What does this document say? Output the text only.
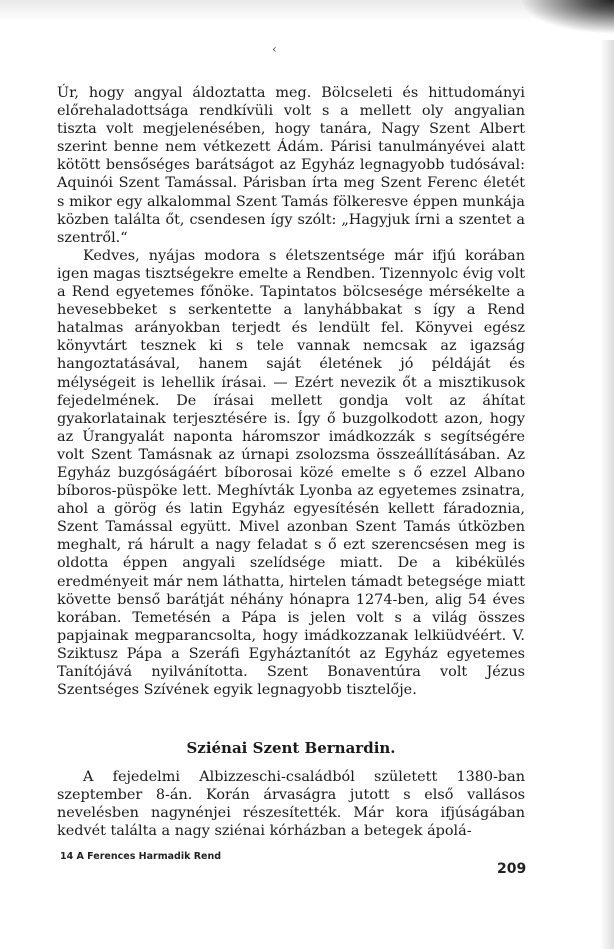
‹

Úr, hogy angyal áldoztatta meg. Bölcseleti és hittudományi előrehaladottsága rendkívüli volt s a mellett oly angyalian tiszta volt megjelenésében, hogy tanára, Nagy Szent Albert szerint benne nem vétkezett Ádám. Párisi tanulmányévei alatt kötött bensőséges barátságot az Egyház legnagyobb tudósával: Aquinói Szent Tamással. Párisban írta meg Szent Ferenc életét s mikor egy alkalommal Szent Tamás fölkeresve éppen munkája közben találta őt, csendesen így szólt: „Hagyjuk írni a szentet a szentről.“

Kedves, nyájas modora s életszentsége már ifjú korában igen magas tisztségekre emelte a Rendben. Tizennyolc évig volt a Rend egyetemes főnöke. Tapintatos bölcsesége mérsékelte a hevesebbeket s serkentette a lanyhábbakat s így a Rend hatalmas arányokban terjedt és lendült fel. Könyvei egész könyvtárt tesznek ki s tele vannak nemcsak az igazság hangoztatásával, hanem saját életének jó példáját és mélységeit is lehellik írásai. — Ezért nevezik őt a misztikusok fejedelmének. De írásai mellett gondja volt az áhítat gyakorlatainak terjesztésére is. Így ő buzgolkodott azon, hogy az Úrangyalát naponta háromszor imádkozzák s segítségére volt Szent Tamásnak az úrnapi zsolozsma összeállításában. Az Egyház buzgóságáért bíborosai közé emelte s ő ezzel Albano bíboros-püspöke lett. Meghívták Lyonba az egyetemes zsinatra, ahol a görög és latin Egyház egyesítésén kellett fáradoznia, Szent Tamással együtt. Mivel azonban Szent Tamás útközben meghalt, rá hárult a nagy feladat s ő ezt szerencsésen meg is oldotta éppen angyali szelídsége miatt. De a kibékülés eredményeit már nem láthatta, hirtelen támadt betegsége miatt követte benső barátját néhány hónapra 1274-ben, alig 54 éves korában. Temetésén a Pápa is jelen volt s a világ összes papjainak megparancsolta, hogy imádkozzanak lelkiüdvéért. V. Sziktusz Pápa a Szeráfi Egyháztanítót az Egyház egyetemes Tanítójává nyilvánította. Szent Bonaventúra volt Jézus Szentséges Szívének egyik legnagyobb tisztelője.

Sziénai Szent Bernardin.

A fejedelmi Albizzeschi-családból született 1380-ban szeptember 8-án. Korán árvaságra jutott s első vallásos nevelésben nagynénjei részesítették. Már kora ifjúságában kedvét találta a nagy sziénai kórházban a betegek ápolá-

14 A Ferences Harmadik Rend
209
